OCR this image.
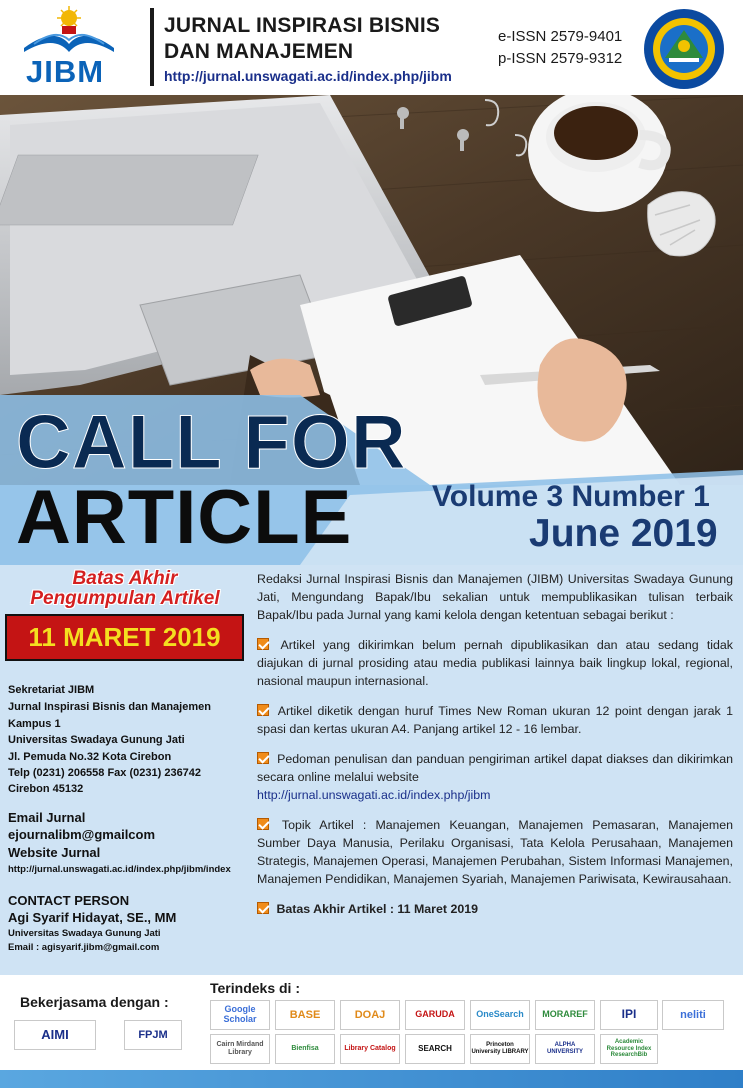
JIBM
JURNAL INSPIRASI BISNIS
DAN MANAJEMEN
http://jurnal.unswagati.ac.id/index.php/jibm
e-ISSN 2579-9401
p-ISSN 2579-9312
CALL FOR
ARTICLE	Volume 3 Number 1
June 2019
Batas Akhir
Pengumpulan Artikel
11 MARET 2019
Sekretariat JIBM
Jurnal Inspirasi Bisnis dan Manajemen
Kampus 1
Universitas Swadaya Gunung Jati
Jl. Pemuda No.32 Kota Cirebon
Telp (0231) 206558 Fax (0231) 236742
Cirebon 45132
Email Jurnal
ejournalibm@gmailcom
Website Jurnal
http://jurnal.unswagati.ac.id/index.php/jibm/index
CONTACT PERSON
Agi Syarif Hidayat, SE., MM
Universitas Swadaya Gunung Jati
Email : agisyarif.jibm@gmail.com

Redaksi Jurnal Inspirasi Bisnis dan Manajemen (JIBM) Universitas Swadaya Gunung Jati, Mengundang Bapak/Ibu sekalian untuk mempublikasikan tulisan terbaik Bapak/Ibu pada Jurnal yang kami kelola dengan ketentuan sebagai berikut :

Artikel yang dikirimkan belum pernah dipublikasikan dan atau sedang tidak diajukan di jurnal prosiding atau media publikasi lainnya baik lingkup lokal, regional, nasional maupun internasional.

Artikel diketik dengan huruf Times New Roman ukuran 12 point dengan jarak 1 spasi dan kertas ukuran A4. Panjang artikel 12 - 16 lembar.

Pedoman penulisan dan panduan pengiriman artikel dapat diakses dan dikirimkan secara online melalui website
http://jurnal.unswagati.ac.id/index.php/jibm

Topik Artikel : Manajemen Keuangan, Manajemen Pemasaran, Manajemen Sumber Daya Manusia, Perilaku Organisasi, Tata Kelola Perusahaan, Manajemen Strategis, Manajemen Operasi, Manajemen Perubahan, Sistem Informasi Manajemen, Manajemen Pendidikan, Manajemen Syariah, Manajemen Pariwisata, Kewirausahaan.

Batas Akhir Artikel : 11 Maret 2019

Bekerjasama dengan :
AIMI	FPJM
Terindeks di :
Google Scholar	BASE	DOAJ	GARUDA OneSearch MORAREF	IPI	neliti
Cairn Mirdand Library
Bienfisa	Library Catalog	SEARCH	Princeton University LIBRARY
ALPHA UNIVERSITY
Academic Resource Index ResearchBib
